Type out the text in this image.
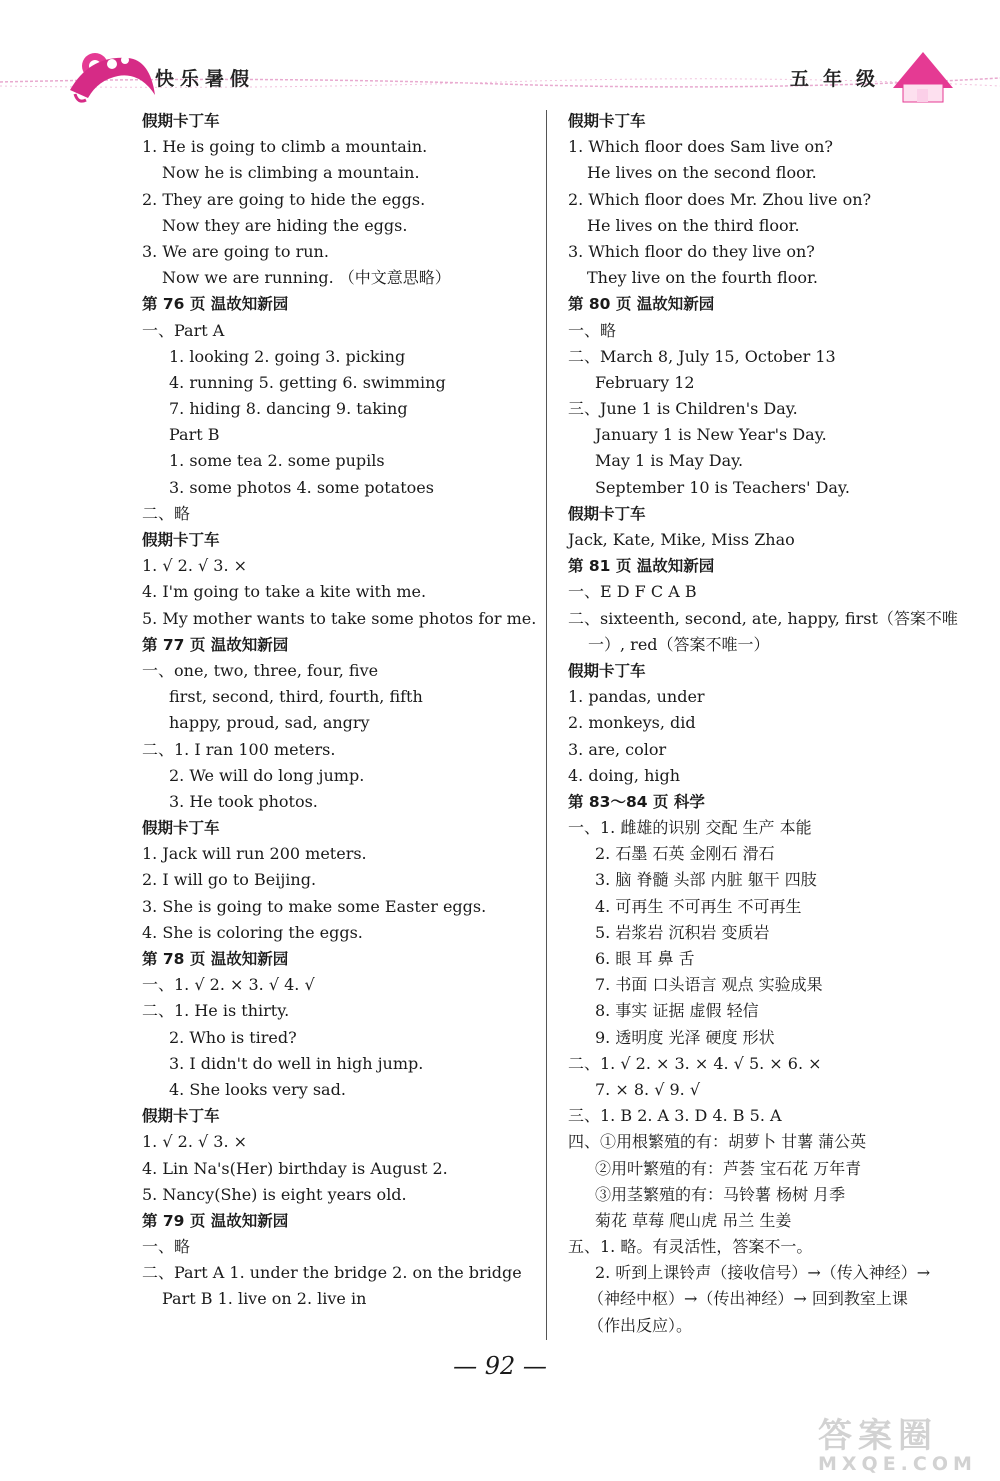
快乐暑假	五年级
假期卡丁车
1. He is going to climb a mountain.
Now he is climbing a mountain.
2. They are going to hide the eggs.
Now they are hiding the eggs.
3. We are going to run.
Now we are running. （中文意思略）
第 76 页 温故知新园
一、Part A
1. looking 2. going 3. picking
4. running 5. getting 6. swimming
7. hiding 8. dancing 9. taking
Part B
1. some tea 2. some pupils
3. some photos 4. some potatoes
二、略
假期卡丁车
1. √ 2. √ 3. ×
4. I'm going to take a kite with me.
5. My mother wants to take some photos for me.
第 77 页 温故知新园
一、one, two, three, four, five
first, second, third, fourth, fifth
happy, proud, sad, angry
二、1. I ran 100 meters.
2. We will do long jump.
3. He took photos.
假期卡丁车
1. Jack will run 200 meters.
2. I will go to Beijing.
3. She is going to make some Easter eggs.
4. She is coloring the eggs.
第 78 页 温故知新园
一、1. √ 2. × 3. √ 4. √
二、1. He is thirty.
2. Who is tired?
3. I didn't do well in high jump.
4. She looks very sad.
假期卡丁车
1. √ 2. √ 3. ×
4. Lin Na's(Her) birthday is August 2.
5. Nancy(She) is eight years old.
第 79 页 温故知新园
一、略
二、Part A 1. under the bridge 2. on the bridge
Part B 1. live on 2. live in
假期卡丁车
1. Which floor does Sam live on?
He lives on the second floor.
2. Which floor does Mr. Zhou live on?
He lives on the third floor.
3. Which floor do they live on?
They live on the fourth floor.
第 80 页 温故知新园
一、略
二、March 8, July 15, October 13
February 12
三、June 1 is Children's Day.
January 1 is New Year's Day.
May 1 is May Day.
September 10 is Teachers' Day.
假期卡丁车
Jack, Kate, Mike, Miss Zhao
第 81 页 温故知新园
一、E D F C A B
二、sixteenth, second, ate, happy, first（答案不唯
一）, red（答案不唯一）
假期卡丁车
1. pandas, under
2. monkeys, did
3. are, color
4. doing, high
第 83～84 页 科学
一、1. 雌雄的识别 交配 生产 本能
2. 石墨 石英 金刚石 滑石
3. 脑 脊髓 头部 内脏 躯干 四肢
4. 可再生 不可再生 不可再生
5. 岩浆岩 沉积岩 变质岩
6. 眼 耳 鼻 舌
7. 书面 口头语言 观点 实验成果
8. 事实 证据 虚假 轻信
9. 透明度 光泽 硬度 形状
二、1. √ 2. × 3. × 4. √ 5. × 6. ×
7. × 8. √ 9. √
三、1. B 2. A 3. D 4. B 5. A
四、①用根繁殖的有：胡萝卜 甘薯 蒲公英
②用叶繁殖的有：芦荟 宝石花 万年青
③用茎繁殖的有：马铃薯 杨树 月季
菊花 草莓 爬山虎 吊兰 生姜
五、1. 略。有灵活性，答案不一。
2. 听到上课铃声（接收信号）→（传入神经）→
（神经中枢）→（传出神经）→ 回到教室上课
（作出反应）。
— 92 —
答案圈
MXQE.COM
